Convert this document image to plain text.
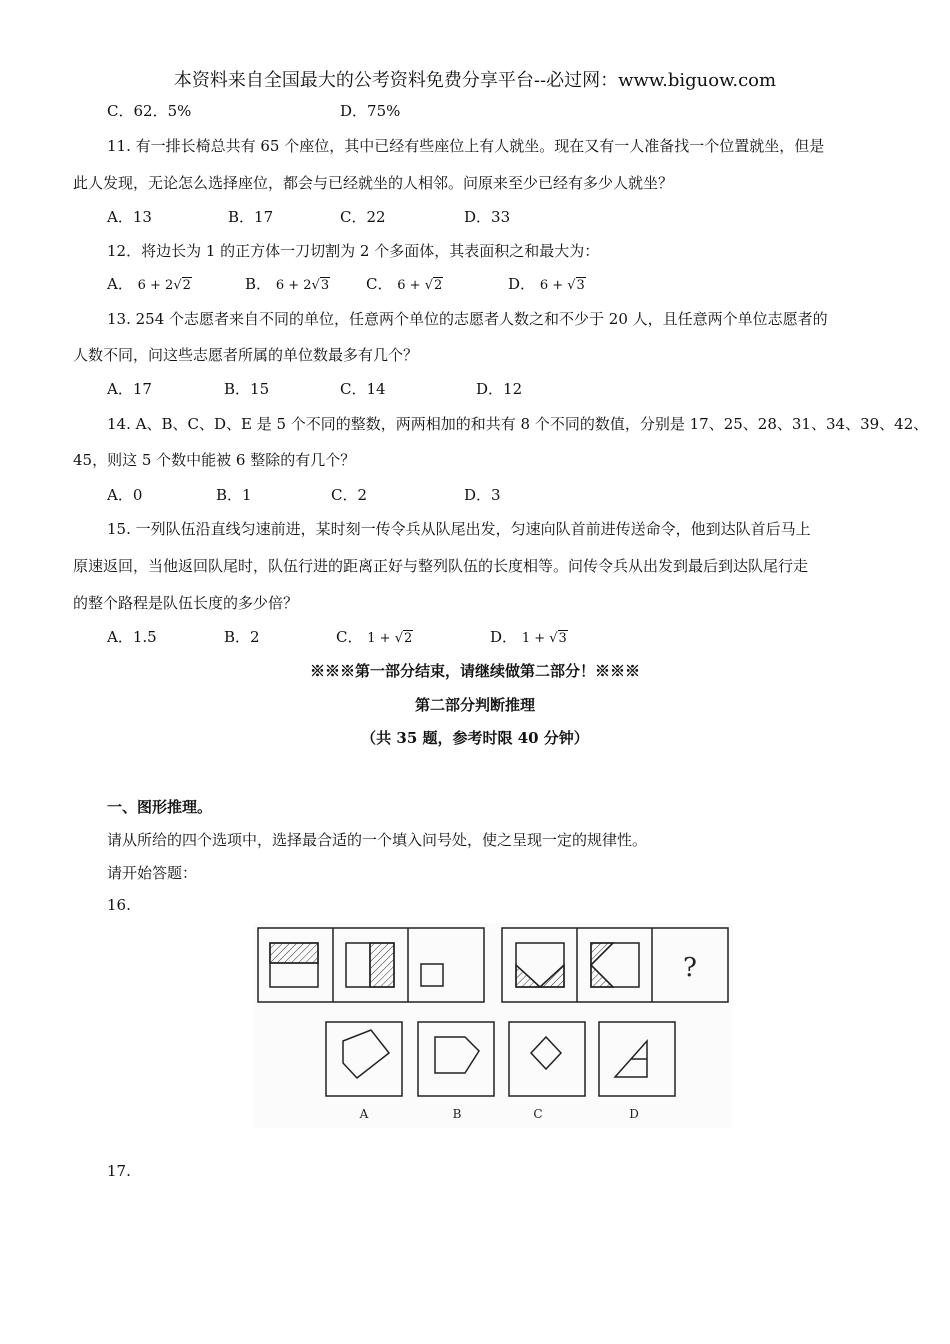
本资料来自全国最大的公考资料免费分享平台--必过网：www.biguow.com
C．62．5%	D．75%
11. 有一排长椅总共有 65 个座位，其中已经有些座位上有人就坐。现在又有一人准备找一个位置就坐，但是
此人发现，无论怎么选择座位，都会与已经就坐的人相邻。问原来至少已经有多少人就坐？
A．13	B．17	C．22	D．33
12．将边长为 1 的正方体一刀切割为 2 个多面体，其表面积之和最大为：
A． 6 + 2√2	B． 6 + 2√3 C． 6 + √2	D． 6 + √3
13. 254 个志愿者来自不同的单位，任意两个单位的志愿者人数之和不少于 20 人，且任意两个单位志愿者的
人数不同，问这些志愿者所属的单位数最多有几个？
A．17	B．15	C．14	D．12
14. A、B、C、D、E 是 5 个不同的整数，两两相加的和共有 8 个不同的数值，分别是 17、25、28、31、34、39、42、
45，则这 5 个数中能被 6 整除的有几个？
A．0	B．1	C．2	D．3
15. 一列队伍沿直线匀速前进，某时刻一传令兵从队尾出发，匀速向队首前进传送命令，他到达队首后马上
原速返回，当他返回队尾时，队伍行进的距离正好与整列队伍的长度相等。问传令兵从出发到最后到达队尾行走
的整个路程是队伍长度的多少倍？
A．1.5	B．2	C． 1 + √2	D． 1 + √3
※※※第一部分结束，请继续做第二部分！※※※
第二部分判断推理
（共 35 题，参考时限 40 分钟）
一、图形推理。
请从所给的四个选项中，选择最合适的一个填入问号处，使之呈现一定的规律性。
请开始答题：
16.
?
A	B	C	D
17.
